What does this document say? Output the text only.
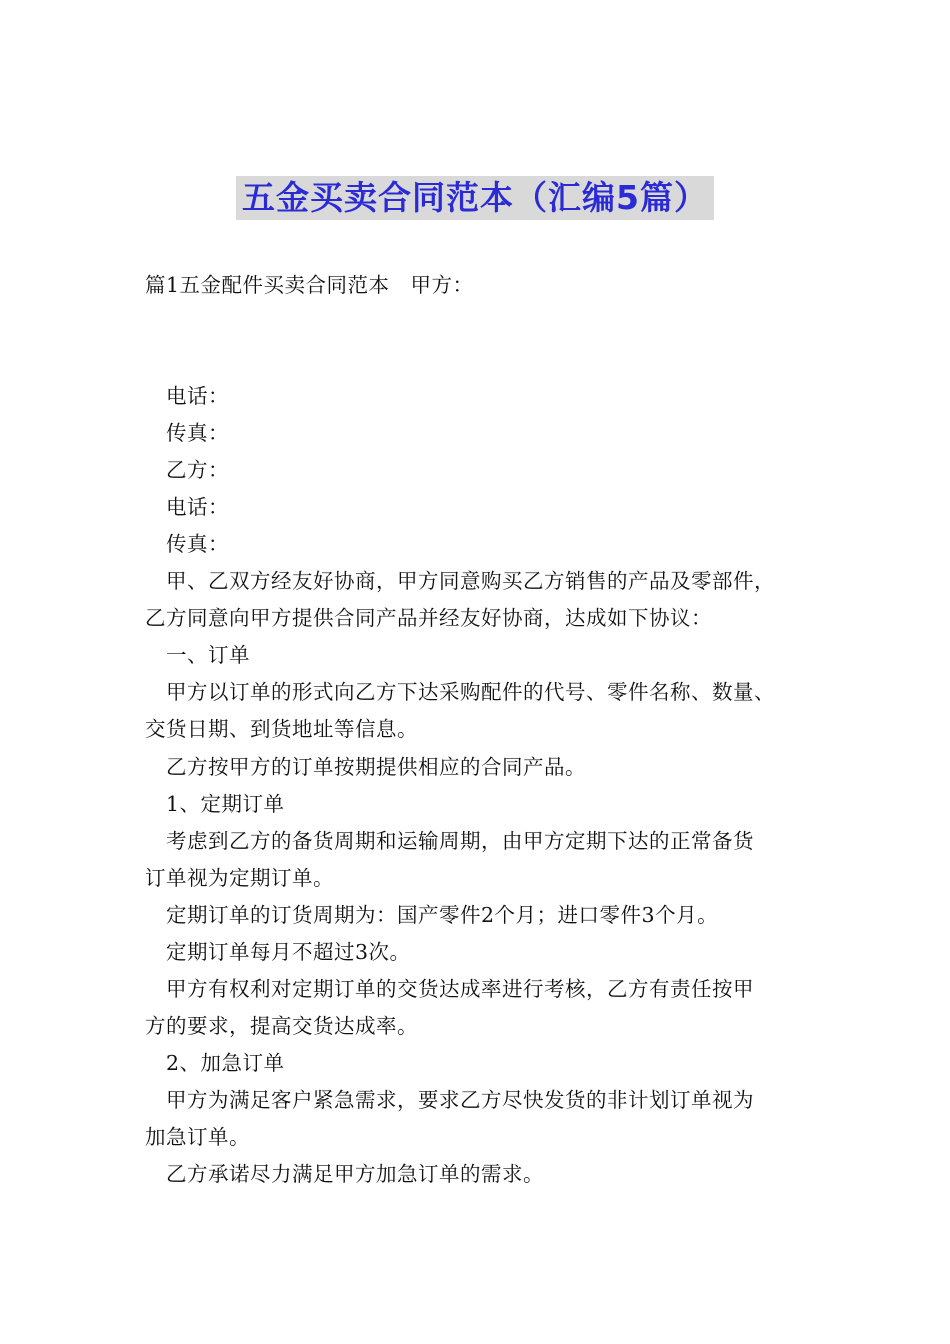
五金买卖合同范本（汇编5篇）
篇1五金配件买卖合同范本　甲方：
电话：
传真：
乙方：
电话：
传真：
甲、乙双方经友好协商，甲方同意购买乙方销售的产品及零部件，
乙方同意向甲方提供合同产品并经友好协商，达成如下协议：
一、订单
甲方以订单的形式向乙方下达采购配件的代号、零件名称、数量、
交货日期、到货地址等信息。
乙方按甲方的订单按期提供相应的合同产品。
1、定期订单
考虑到乙方的备货周期和运输周期，由甲方定期下达的正常备货
订单视为定期订单。
定期订单的订货周期为：国产零件2个月；进口零件3个月。
定期订单每月不超过3次。
甲方有权利对定期订单的交货达成率进行考核，乙方有责任按甲
方的要求，提高交货达成率。
2、加急订单
甲方为满足客户紧急需求，要求乙方尽快发货的非计划订单视为
加急订单。
乙方承诺尽力满足甲方加急订单的需求。
